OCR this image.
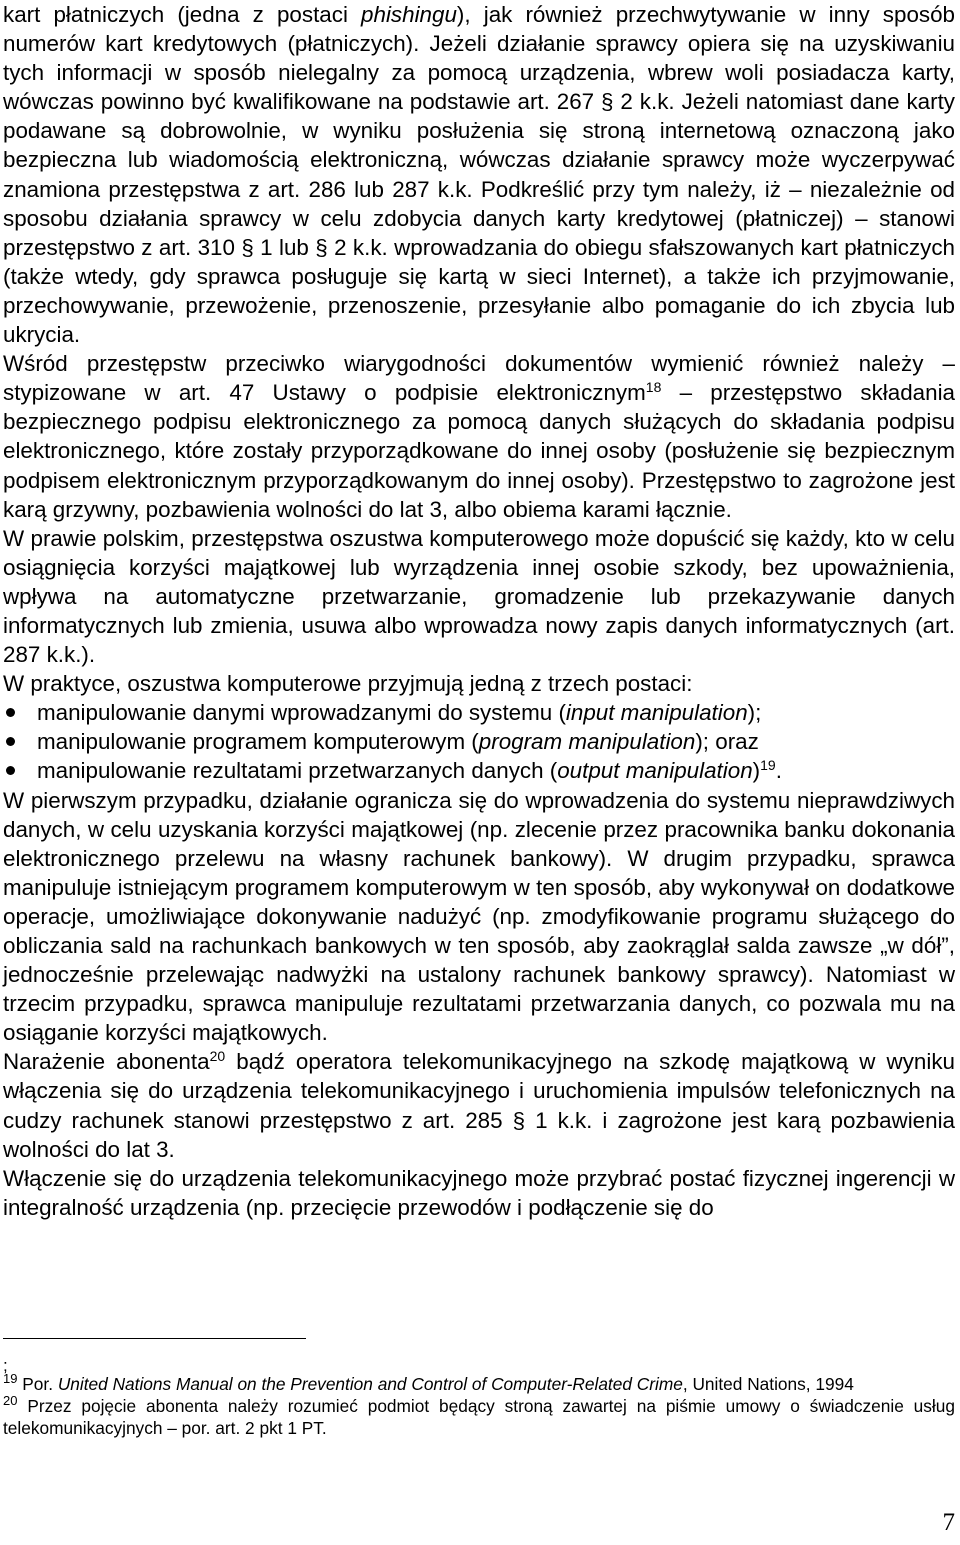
kart płatniczych (jedna z postaci phishingu), jak również przechwytywanie w inny sposób numerów kart kredytowych (płatniczych). Jeżeli działanie sprawcy opiera się na uzyskiwaniu tych informacji w sposób nielegalny za pomocą urządzenia, wbrew woli posiadacza karty, wówczas powinno być kwalifikowane na podstawie art. 267 § 2 k.k. Jeżeli natomiast dane karty podawane są dobrowolnie, w wyniku posłużenia się stroną internetową oznaczoną jako bezpieczna lub wiadomością elektroniczną, wówczas działanie sprawcy może wyczerpywać znamiona przestępstwa z art. 286 lub 287 k.k. Podkreślić przy tym należy, iż – niezależnie od sposobu działania sprawcy w celu zdobycia danych karty kredytowej (płatniczej) – stanowi przestępstwo z art. 310 § 1 lub § 2 k.k. wprowadzania do obiegu sfałszowanych kart płatniczych (także wtedy, gdy sprawca posługuje się kartą w sieci Internet), a także ich przyjmowanie, przechowywanie, przewożenie, przenoszenie, przesyłanie albo pomaganie do ich zbycia lub ukrycia.

Wśród przestępstw przeciwko wiarygodności dokumentów wymienić również należy – stypizowane w art. 47 Ustawy o podpisie elektronicznym$^{18}$ – przestępstwo składania bezpiecznego podpisu elektronicznego za pomocą danych służących do składania podpisu elektronicznego, które zostały przyporządkowane do innej osoby (posłużenie się bezpiecznym podpisem elektronicznym przyporządkowanym do innej osoby). Przestępstwo to zagrożone jest karą grzywny, pozbawienia wolności do lat 3, albo obiema karami łącznie.

W prawie polskim, przestępstwa oszustwa komputerowego może dopuścić się każdy, kto w celu osiągnięcia korzyści majątkowej lub wyrządzenia innej osobie szkody, bez upoważnienia, wpływa na automatyczne przetwarzanie, gromadzenie lub przekazywanie danych informatycznych lub zmienia, usuwa albo wprowadza nowy zapis danych informatycznych (art. 287 k.k.).

W praktyce, oszustwa komputerowe przyjmują jedną z trzech postaci:

manipulowanie danymi wprowadzanymi do systemu (input manipulation);
manipulowanie programem komputerowym (program manipulation); oraz
manipulowanie rezultatami przetwarzanych danych (output manipulation)$^{19}$.

W pierwszym przypadku, działanie ogranicza się do wprowadzenia do systemu nieprawdziwych danych, w celu uzyskania korzyści majątkowej (np. zlecenie przez pracownika banku dokonania elektronicznego przelewu na własny rachunek bankowy). W drugim przypadku, sprawca manipuluje istniejącym programem komputerowym w ten sposób, aby wykonywał on dodatkowe operacje, umożliwiające dokonywanie nadużyć (np. zmodyfikowanie programu służącego do obliczania sald na rachunkach bankowych w ten sposób, aby zaokrąglał salda zawsze „w dół”, jednocześnie przelewając nadwyżki na ustalony rachunek bankowy sprawcy). Natomiast w trzecim przypadku, sprawca manipuluje rezultatami przetwarzania danych, co pozwala mu na osiąganie korzyści majątkowych.

Narażenie abonenta$^{20}$ bądź operatora telekomunikacyjnego na szkodę majątkową w wyniku włączenia się do urządzenia telekomunikacyjnego i uruchomienia impulsów telefonicznych na cudzy rachunek stanowi przestępstwo z art. 285 § 1 k.k. i zagrożone jest karą pozbawienia wolności do lat 3.

Włączenie się do urządzenia telekomunikacyjnego może przybrać postać fizycznej ingerencji w integralność urządzenia (np. przecięcie przewodów i podłączenie się do

;

$^{19}$ Por. United Nations Manual on the Prevention and Control of Computer-Related Crime, United Nations, 1994

$^{20}$ Przez pojęcie abonenta należy rozumieć podmiot będący stroną zawartej na piśmie umowy o świadczenie usług telekomunikacyjnych – por. art. 2 pkt 1 PT.

7
